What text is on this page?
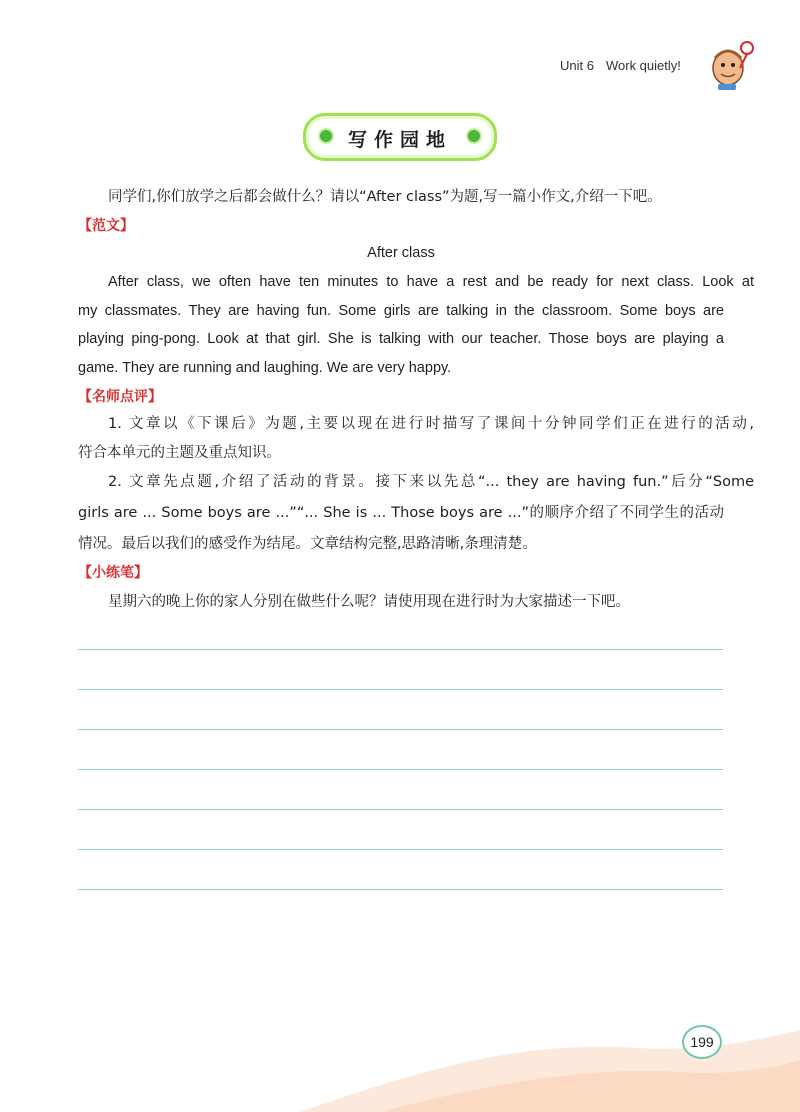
Unit 6 Work quietly!
写作园地
同学们,你们放学之后都会做什么？请以“After class”为题,写一篇小作文,介绍一下吧。
【范文】
After class
After class, we often have ten minutes to have a rest and be ready for next class. Look at
my classmates. They are having fun. Some girls are talking in the classroom. Some boys are
playing ping-pong. Look at that girl. She is talking with our teacher. Those boys are playing a
game. They are running and laughing. We are very happy.
【名师点评】
1. 文章以《下课后》为题,主要以现在进行时描写了课间十分钟同学们正在进行的活动,
符合本单元的主题及重点知识。
2. 文章先点题,介绍了活动的背景。接下来以先总“... they are having fun.”后分“Some
girls are ... Some boys are ...”“... She is ... Those boys are ...”的顺序介绍了不同学生的活动
情况。最后以我们的感受作为结尾。文章结构完整,思路清晰,条理清楚。
【小练笔】
星期六的晚上你的家人分别在做些什么呢？请使用现在进行时为大家描述一下吧。
199
